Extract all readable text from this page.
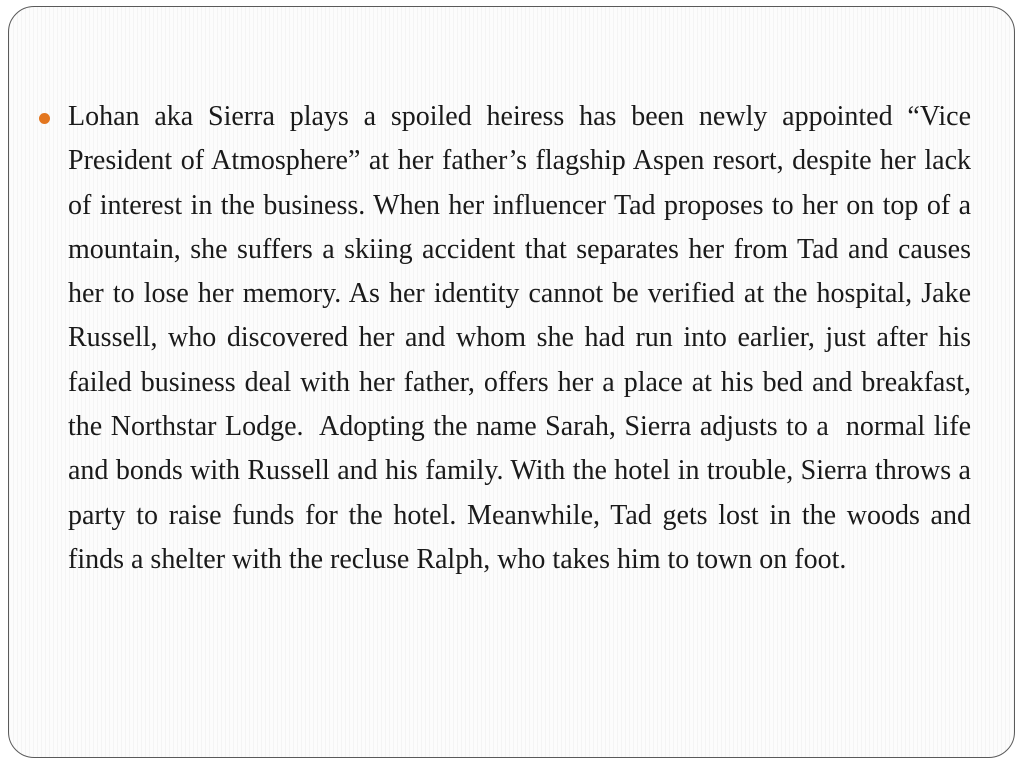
Lohan aka Sierra plays a spoiled heiress has been newly appointed “Vice President of Atmosphere” at her father’s flagship Aspen resort, despite her lack of interest in the business. When her influencer Tad proposes to her on top of a mountain, she suffers a skiing accident that separates her from Tad and causes her to lose her memory. As her identity cannot be verified at the hospital, Jake Russell, who discovered her and whom she had run into earlier, just after his failed business deal with her father, offers her a place at his bed and breakfast, the Northstar Lodge.  Adopting the name Sarah, Sierra adjusts to a  normal life and bonds with Russell and his family. With the hotel in trouble, Sierra throws a party to raise funds for the hotel. Meanwhile, Tad gets lost in the woods and finds a shelter with the recluse Ralph, who takes him to town on foot.
